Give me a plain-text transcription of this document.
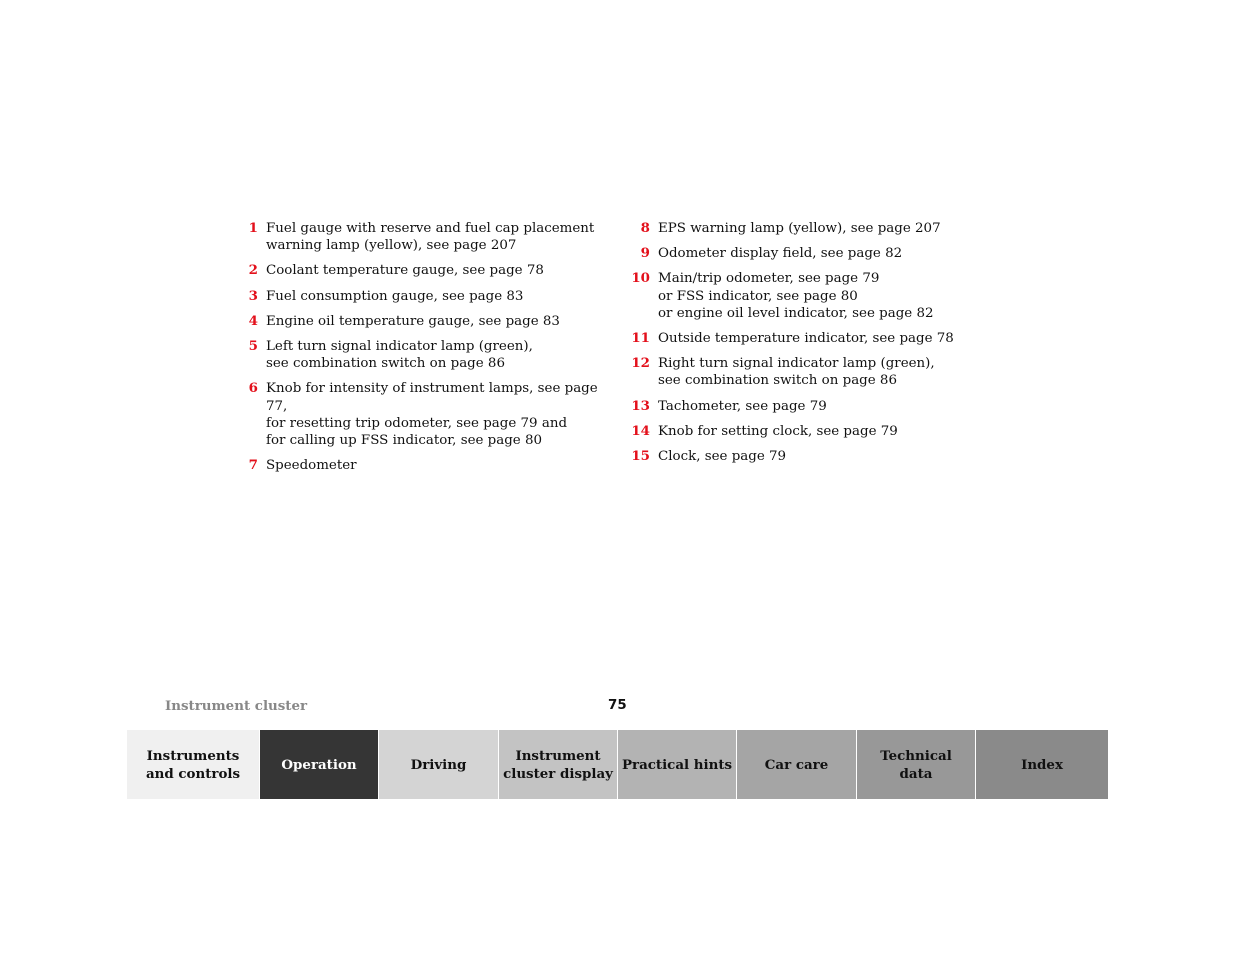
1 Fuel gauge with reserve and fuel cap placement
warning lamp (yellow), see page 207
2 Coolant temperature gauge, see page 78
3 Fuel consumption gauge, see page 83
4 Engine oil temperature gauge, see page 83
5 Left turn signal indicator lamp (green),
see combination switch on page 86
6 Knob for intensity of instrument lamps, see page 77,
for resetting trip odometer, see page 79 and
for calling up FSS indicator, see page 80
7 Speedometer
8 EPS warning lamp (yellow), see page 207
9 Odometer display field, see page 82
10 Main/trip odometer, see page 79
or FSS indicator, see page 80
or engine oil level indicator, see page 82
11 Outside temperature indicator, see page 78
12 Right turn signal indicator lamp (green),
see combination switch on page 86
13 Tachometer, see page 79
14 Knob for setting clock, see page 79
15 Clock, see page 79
Instrument cluster	75
Instruments
and controls
Operation	Driving
Instrument
cluster display
Practical hints	Car care
Technical
data
Index
